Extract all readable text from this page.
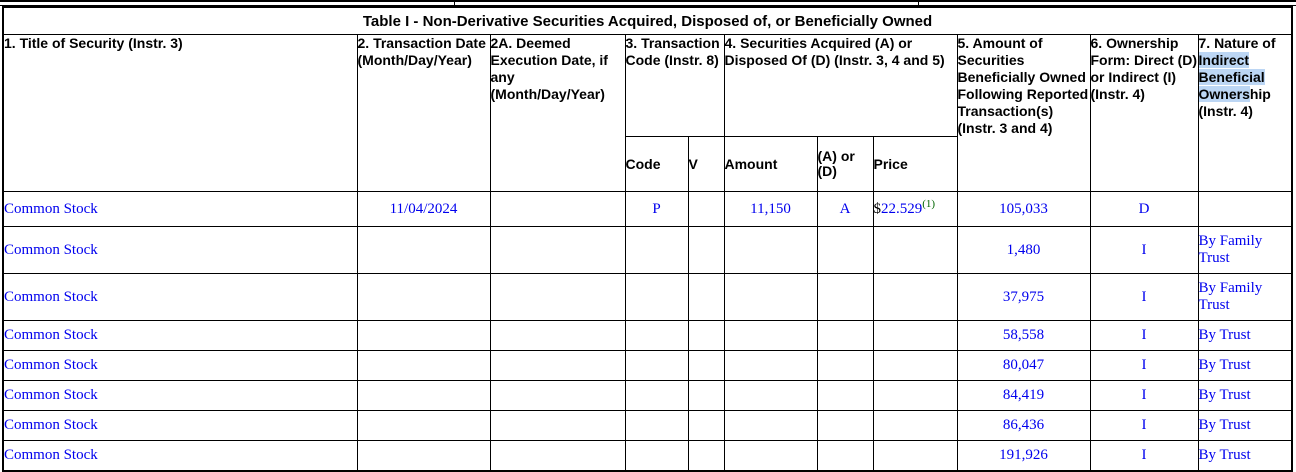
Table I - Non-Derivative Securities Acquired, Disposed of, or Beneficially Owned										
1. Title of Security (Instr. 3)	2. Transaction Date (Month/Day/Year)	2A. Deemed Execution Date, if any (Month/Day/Year)	3. Transaction Code (Instr. 8)		4. Securities Acquired (A) or Disposed Of (D) (Instr. 3, 4 and 5)			5. Amount of Securities Beneficially Owned Following Reported Transaction(s) (Instr. 3 and 4)	6. Ownership Form: Direct (D) or Indirect (I) (Instr. 4)	7. Nature of Indirect Beneficial Ownership (Instr. 4)
			Code	V	Amount	(A) or (D)	Price			
Common Stock	11/04/2024		P		11,150	A	$22.529$^{(1)}$	105,033	D	
Common Stock								1,480	I	By Family Trust
Common Stock								37,975	I	By Family Trust
Common Stock								58,558	I	By Trust
Common Stock								80,047	I	By Trust
Common Stock								84,419	I	By Trust
Common Stock								86,436	I	By Trust
Common Stock								191,926	I	By Trust
